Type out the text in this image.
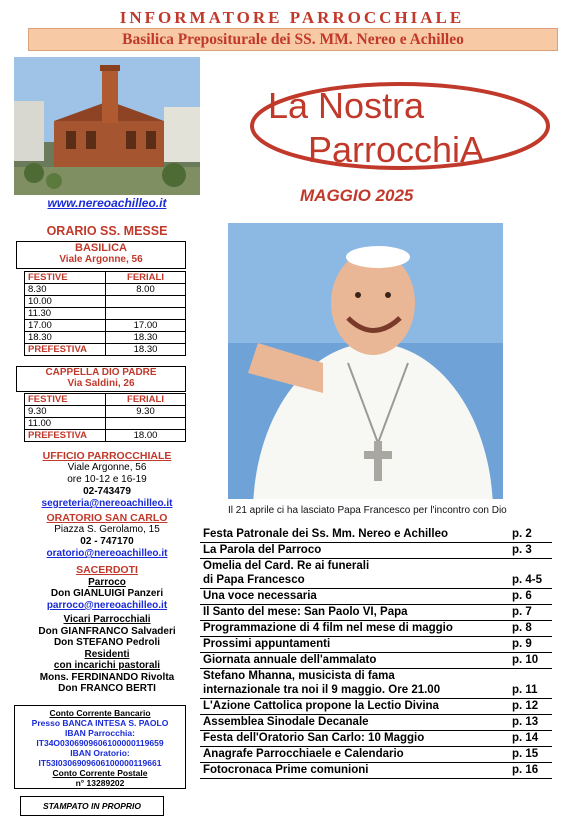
INFORMATORE PARROCCHIALE
Basilica Prepositurale dei SS. MM. Nereo e Achilleo
www.nereoachilleo.it
La Nostra
ParrocchiA
MAGGIO 2025
Il 21 aprile ci ha lasciato Papa Francesco per l'incontro con Dio
ORARIO SS. MESSE
BASILICA
Viale Argonne, 56
FESTIVE	FERIALI
8.30	8.00
10.00	
11.30	
17.00	17.00
18.30	18.30
PREFESTIVA	18.30
CAPPELLA DIO PADRE
Via Saldini, 26
FESTIVE	FERIALI
9.30	9.30
11.00	
PREFESTIVA	18.00
UFFICIO PARROCCHIALE
Viale Argonne, 56
ore 10-12 e 16-19
02-743479
segreteria@nereoachilleo.it
ORATORIO SAN CARLO
Piazza S. Gerolamo, 15
02 - 747170
oratorio@nereoachilleo.it
SACERDOTI
Parroco
Don GIANLUIGI Panzeri
parroco@nereoachilleo.it
Vicari Parrocchiali
Don GIANFRANCO Salvaderi
Don STEFANO Pedroli
Residenti
con incarichi pastorali
Mons. FERDINANDO Rivolta
Don FRANCO BERTI
Conto Corrente Bancario
Presso BANCA INTESA S. PAOLO
IBAN Parrocchia:
IT34O0306909606100000119659
IBAN Oratorio:
IT53I0306909606100000119661
Conto Corrente Postale
n° 13289202
STAMPATO IN PROPRIO
Festa Patronale dei Ss. Mm. Nereo e Achilleo	p. 2
La Parola del Parroco	p. 3
Omelia del Card. Re ai funerali
di Papa Francesco	p. 4-5
Una voce necessaria	p. 6
Il Santo del mese: San Paolo VI, Papa	p. 7
Programmazione di 4 film nel mese di maggio	p. 8
Prossimi appuntamenti	p. 9
Giornata annuale dell'ammalato	p. 10
Stefano Mhanna, musicista di fama
internazionale tra noi il 9 maggio. Ore 21.00	p. 11
L'Azione Cattolica propone la Lectio Divina	p. 12
Assemblea Sinodale Decanale	p. 13
Festa dell'Oratorio San Carlo: 10 Maggio	p. 14
Anagrafe Parrocchiaele e Calendario	p. 15
Fotocronaca Prime comunioni	p. 16
